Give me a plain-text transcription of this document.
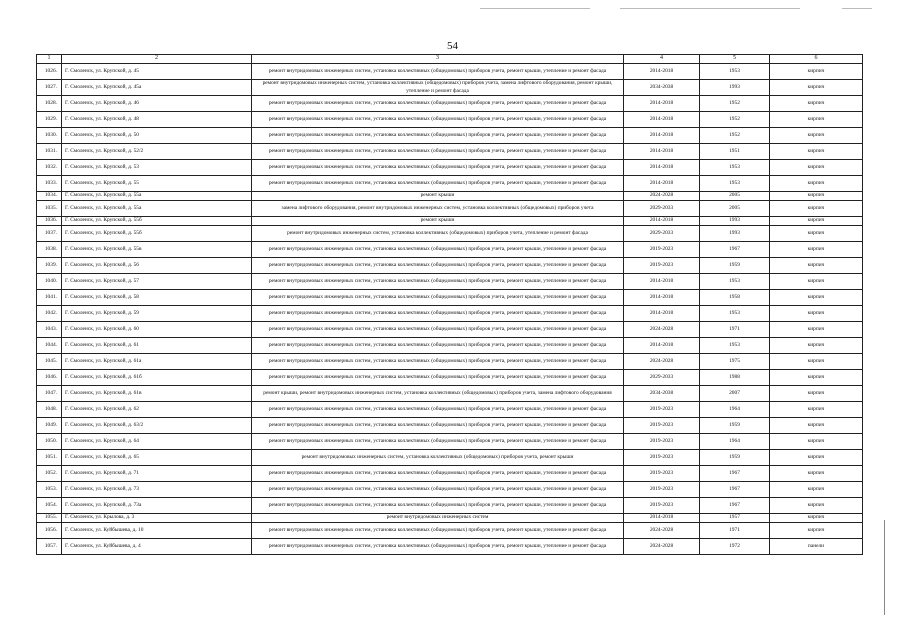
54
1	2	3	4	5	6
1026.	Г. Смоленск, ул. Крупской, д. 45	ремонт внутридомовых инженерных систем, установка коллективных (общедомовых) приборов учета, ремонт крыши, утепление и ремонт фасада	2014-2018	1953	кирпич
1027.	Г. Смоленск, ул. Крупской, д. 45а	ремонт внутридомовых инженерных систем, установка коллективных (общедомовых) приборов учета, замена лифтового оборудования, ремонт крыши, утепление и ремонт фасада	2034-2038	1993	кирпич
1028.	Г. Смоленск, ул. Крупской, д. 46	ремонт внутридомовых инженерных систем, установка коллективных (общедомовых) приборов учета, ремонт крыши, утепление и ремонт фасада	2014-2018	1952	кирпич
1029.	Г. Смоленск, ул. Крупской, д. 48	ремонт внутридомовых инженерных систем, установка коллективных (общедомовых) приборов учета, ремонт крыши, утепление и ремонт фасада	2014-2018	1952	кирпич
1030.	Г. Смоленск, ул. Крупской, д. 50	ремонт внутридомовых инженерных систем, установка коллективных (общедомовых) приборов учета, ремонт крыши, утепление и ремонт фасада	2014-2018	1952	кирпич
1031.	Г. Смоленск, ул. Крупской, д. 52/2	ремонт внутридомовых инженерных систем, установка коллективных (общедомовых) приборов учета, ремонт крыши, утепление и ремонт фасада	2014-2018	1951	кирпич
1032.	Г. Смоленск, ул. Крупской, д. 53	ремонт внутридомовых инженерных систем, установка коллективных (общедомовых) приборов учета, ремонт крыши, утепление и ремонт фасада	2014-2018	1953	кирпич
1033.	Г. Смоленск, ул. Крупской, д. 55	ремонт внутридомовых инженерных систем, установка коллективных (общедомовых) приборов учета, ремонт крыши, утепление и ремонт фасада	2014-2018	1953	кирпич
1034.	Г. Смоленск, ул. Крупской, д. 55а	ремонт крыши	2024-2028	2005	кирпич
1035.	Г. Смоленск, ул. Крупской, д. 55а	замена лифтового оборудования, ремонт внутридомовых инженерных систем, установка коллективных (общедомовых) приборов учета	2029-2033	2005	кирпич
1036.	Г. Смоленск, ул. Крупской, д. 55б	ремонт крыши	2014-2018	1993	кирпич
1037.	Г. Смоленск, ул. Крупской, д. 55б	ремонт внутридомовых инженерных систем, установка коллективных (общедомовых) приборов учета, утепление и ремонт фасада	2029-2033	1993	кирпич
1038.	Г. Смоленск, ул. Крупской, д. 55в	ремонт внутридомовых инженерных систем, установка коллективных (общедомовых) приборов учета, ремонт крыши, утепление и ремонт фасада	2019-2023	1967	кирпич
1039.	Г. Смоленск, ул. Крупской, д. 56	ремонт внутридомовых инженерных систем, установка коллективных (общедомовых) приборов учета, ремонт крыши, утепление и ремонт фасада	2019-2023	1959	кирпич
1040.	Г. Смоленск, ул. Крупской, д. 57	ремонт внутридомовых инженерных систем, установка коллективных (общедомовых) приборов учета, ремонт крыши, утепление и ремонт фасада	2014-2018	1953	кирпич
1041.	Г. Смоленск, ул. Крупской, д. 58	ремонт внутридомовых инженерных систем, установка коллективных (общедомовых) приборов учета, ремонт крыши, утепление и ремонт фасада	2014-2018	1958	кирпич
1042.	Г. Смоленск, ул. Крупской, д. 59	ремонт внутридомовых инженерных систем, установка коллективных (общедомовых) приборов учета, ремонт крыши, утепление и ремонт фасада	2014-2018	1953	кирпич
1043.	Г. Смоленск, ул. Крупской, д. 60	ремонт внутридомовых инженерных систем, установка коллективных (общедомовых) приборов учета, ремонт крыши, утепление и ремонт фасада	2024-2028	1971	кирпич
1044.	Г. Смоленск, ул. Крупской, д. 61	ремонт внутридомовых инженерных систем, установка коллективных (общедомовых) приборов учета, ремонт крыши, утепление и ремонт фасада	2014-2018	1953	кирпич
1045.	Г. Смоленск, ул. Крупской, д. 61а	ремонт внутридомовых инженерных систем, установка коллективных (общедомовых) приборов учета, ремонт крыши, утепление и ремонт фасада	2024-2028	1975	кирпич
1046.	Г. Смоленск, ул. Крупской, д. 61б	ремонт внутридомовых инженерных систем, установка коллективных (общедомовых) приборов учета, ремонт крыши, утепление и ремонт фасада	2029-2033	1988	кирпич
1047.	Г. Смоленск, ул. Крупской, д. 61в	ремонт крыши, ремонт внутридомовых инженерных систем, установка коллективных (общедомовых) приборов учета, замена лифтового оборудования	2034-2038	2007	кирпич
1048.	Г. Смоленск, ул. Крупской, д. 62	ремонт внутридомовых инженерных систем, установка коллективных (общедомовых) приборов учета, ремонт крыши, утепление и ремонт фасада	2019-2023	1964	кирпич
1049.	Г. Смоленск, ул. Крупской, д. 63/2	ремонт внутридомовых инженерных систем, установка коллективных (общедомовых) приборов учета, ремонт крыши, утепление и ремонт фасада	2019-2023	1959	кирпич
1050.	Г. Смоленск, ул. Крупской, д. 64	ремонт внутридомовых инженерных систем, установка коллективных (общедомовых) приборов учета, ремонт крыши, утепление и ремонт фасада	2019-2023	1964	кирпич
1051.	Г. Смоленск, ул. Крупской, д. 65	ремонт внутридомовых инженерных систем, установка коллективных (общедомовых) приборов учета, ремонт крыши	2019-2023	1959	кирпич
1052.	Г. Смоленск, ул. Крупской, д. 71	ремонт внутридомовых инженерных систем, установка коллективных (общедомовых) приборов учета, ремонт крыши, утепление и ремонт фасада	2019-2023	1967	кирпич
1053.	Г. Смоленск, ул. Крупской, д. 73	ремонт внутридомовых инженерных систем, установка коллективных (общедомовых) приборов учета, ремонт крыши, утепление и ремонт фасада	2019-2023	1967	кирпич
1054.	Г. Смоленск, ул. Крупской, д. 73а	ремонт внутридомовых инженерных систем, установка коллективных (общедомовых) приборов учета, ремонт крыши, утепление и ремонт фасада	2019-2023	1967	кирпич
1055.	Г. Смоленск, ул. Крылова, д. 3	ремонт внутридомовых инженерных систем	2014-2018	1957	кирпич
1056.	Г. Смоленск, ул. Куйбышева, д. 10	ремонт внутридомовых инженерных систем, установка коллективных (общедомовых) приборов учета, ремонт крыши, утепление и ремонт фасада	2024-2028	1971	кирпич
1057.	Г. Смоленск, ул. Куйбышева, д. 4	ремонт внутридомовых инженерных систем, установка коллективных (общедомовых) приборов учета, ремонт крыши, утепление и ремонт фасада	2024-2028	1972	панели
